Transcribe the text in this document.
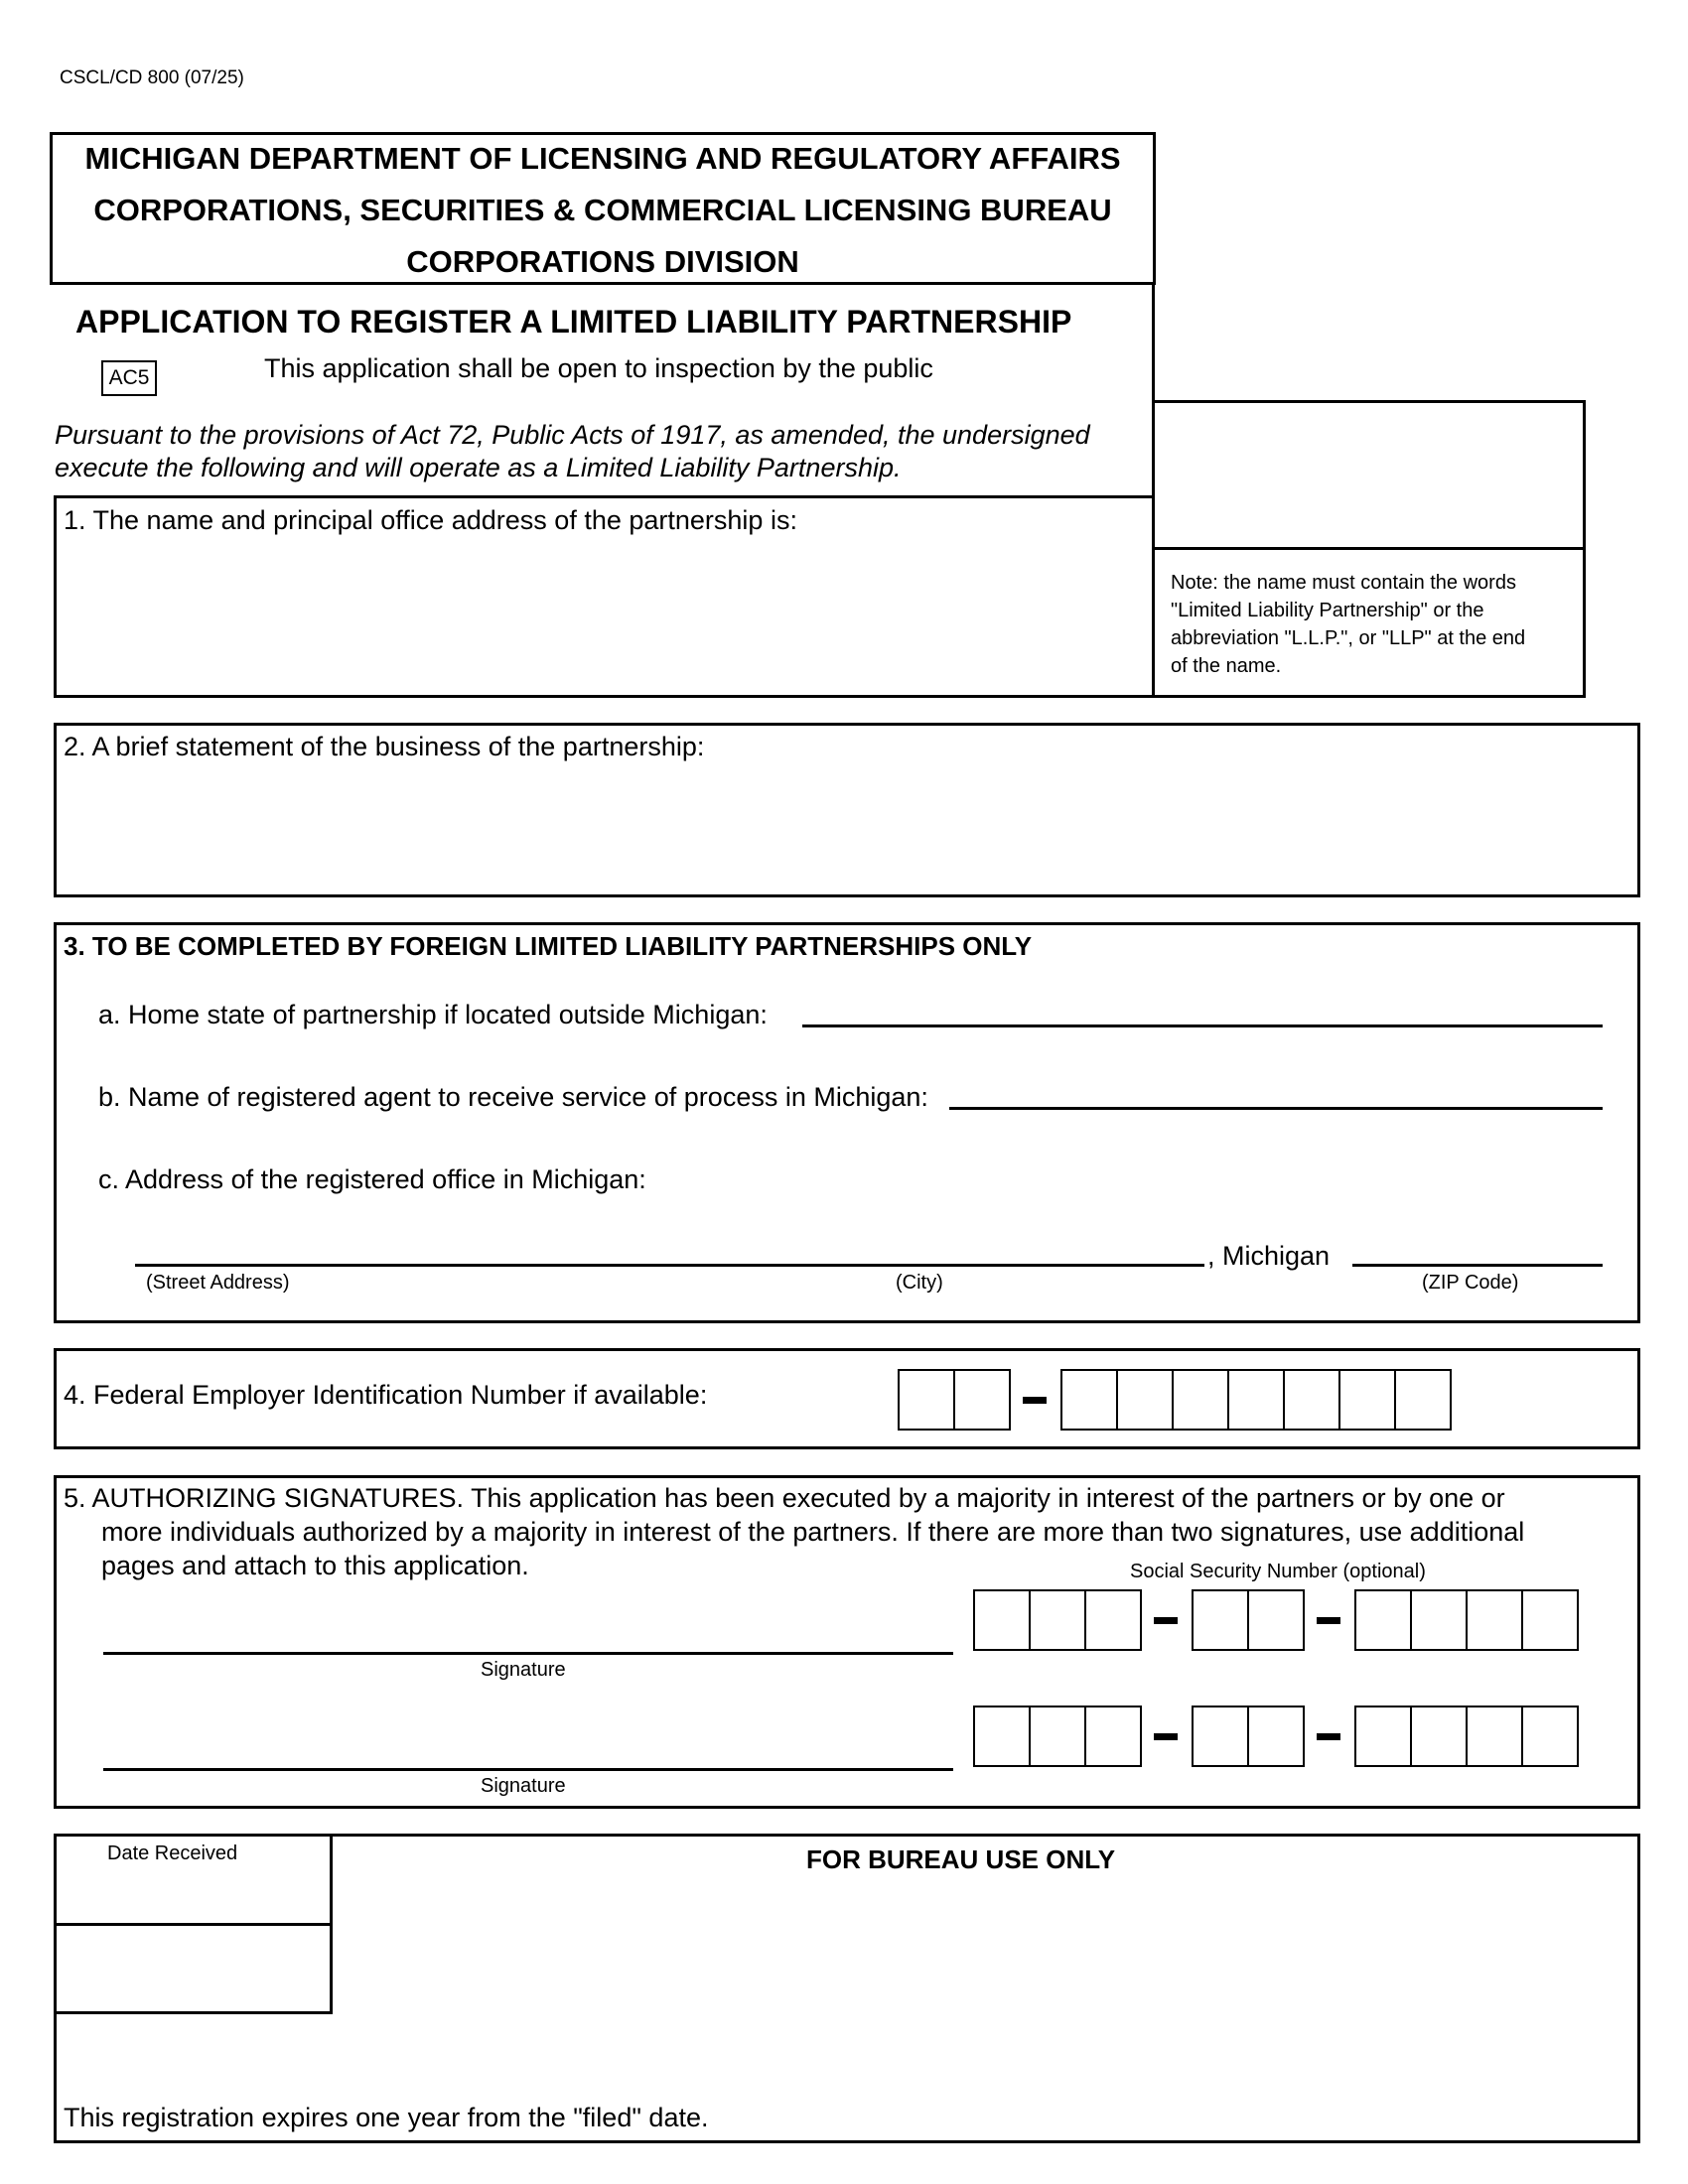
CSCL/CD 800 (07/25)
MICHIGAN DEPARTMENT OF LICENSING AND REGULATORY AFFAIRS
CORPORATIONS, SECURITIES & COMMERCIAL LICENSING BUREAU
CORPORATIONS DIVISION
APPLICATION TO REGISTER A LIMITED LIABILITY PARTNERSHIP
AC5	This application shall be open to inspection by the public
Pursuant to the provisions of Act 72, Public Acts of 1917, as amended, the undersigned
execute the following and will operate as a Limited Liability Partnership.
Note: the name must contain the words
"Limited Liability Partnership" or the
abbreviation "L.L.P.", or "LLP" at the end
of the name.
1. The name and principal office address of the partnership is:
2. A brief statement of the business of the partnership:
3. TO BE COMPLETED BY FOREIGN LIMITED LIABILITY PARTNERSHIPS ONLY
a. Home state of partnership if located outside Michigan:
b. Name of registered agent to receive service of process in Michigan:
c. Address of the registered office in Michigan:
, Michigan
(Street Address)	(City)	(ZIP Code)
4. Federal Employer Identification Number if available:
5. AUTHORIZING SIGNATURES. This application has been executed by a majority in interest of the partners or by one or
more individuals authorized by a majority in interest of the partners. If there are more than two signatures, use additional
pages and attach to this application.	Social Security Number (optional)
Signature
Signature
Date Received	FOR BUREAU USE ONLY
This registration expires one year from the "filed" date.
